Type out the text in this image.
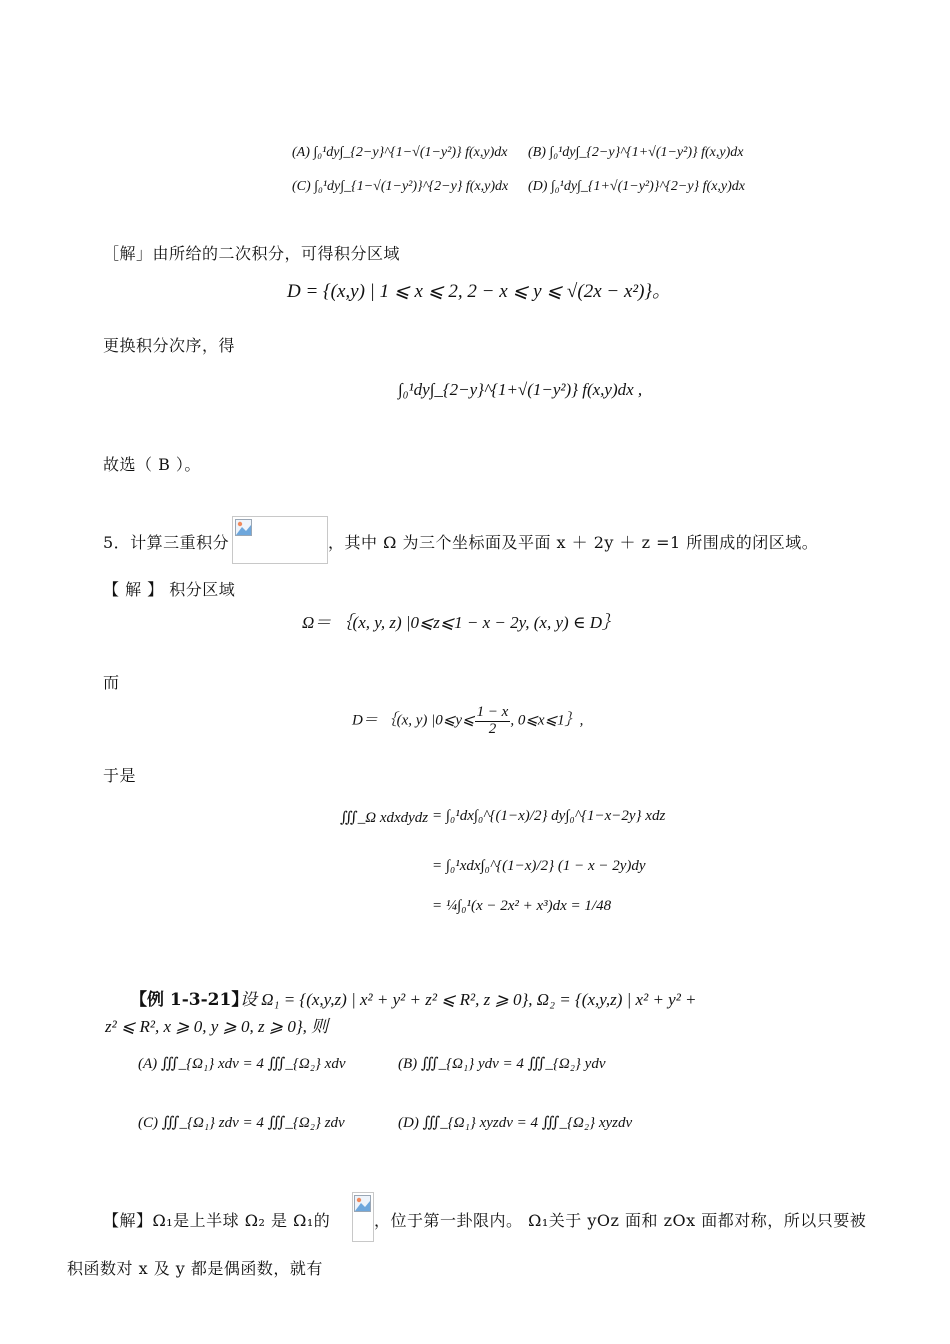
(A) ∫₀¹dy∫_{2−y}^{1−√(1−y²)} f(x,y)dx (B) ∫₀¹dy∫_{2−y}^{1+√(1−y²)} f(x,y)dx
(C) ∫₀¹dy∫_{1−√(1−y²)}^{2−y} f(x,y)dx (D) ∫₀¹dy∫_{1+√(1−y²)}^{2−y} f(x,y)dx
［解」由所给的二次积分，可得积分区域
D = {(x,y) | 1 ⩽ x ⩽ 2, 2 − x ⩽ y ⩽ √(2x − x²)}。
更换积分次序，得
∫₀¹dy∫_{2−y}^{1+√(1−y²)} f(x,y)dx ,
故选（ B ）。
5．计算三重积分	，其中 Ω 为三个坐标面及平面 x ＋ 2y ＋ z =1 所围成的闭区域。
【 解 】 积分区域
Ω＝ ｛(x, y, z) |0⩽z⩽1 − x − 2y, (x, y) ∈ D｝
而
D＝ ｛(x, y) |0⩽y⩽ $\frac{1 - x}{2}$ , 0⩽x⩽1｝,
于是
∭_Ω xdxdydz = ∫₀¹dx∫₀^{(1−x)/2} dy∫₀^{1−x−2y} xdz
= ∫₀¹xdx∫₀^{(1−x)/2} (1 − x − 2y)dy
= ¼∫₀¹(x − 2x² + x³)dx = 1/48
【例 1-3-21】
设 Ω₁ = {(x,y,z) | x² + y² + z² ⩽ R², z ⩾ 0}, Ω₂ = {(x,y,z) | x² + y² +
z² ⩽ R², x ⩾ 0, y ⩾ 0, z ⩾ 0}, 则
(A) ∭_{Ω₁} xdv = 4 ∭_{Ω₂} xdv	(B) ∭_{Ω₁} ydv = 4 ∭_{Ω₂} ydv
(C) ∭_{Ω₁} zdv = 4 ∭_{Ω₂} zdv	(D) ∭_{Ω₁} xyzdv = 4 ∭_{Ω₂} xyzdv
【解】Ω₁是上半球 Ω₂ 是 Ω₁的	，位于第一卦限内。 Ω₁关于 yOz 面和 zOx 面都对称，所以只要被
积函数对 x 及 y 都是偶函数，就有
